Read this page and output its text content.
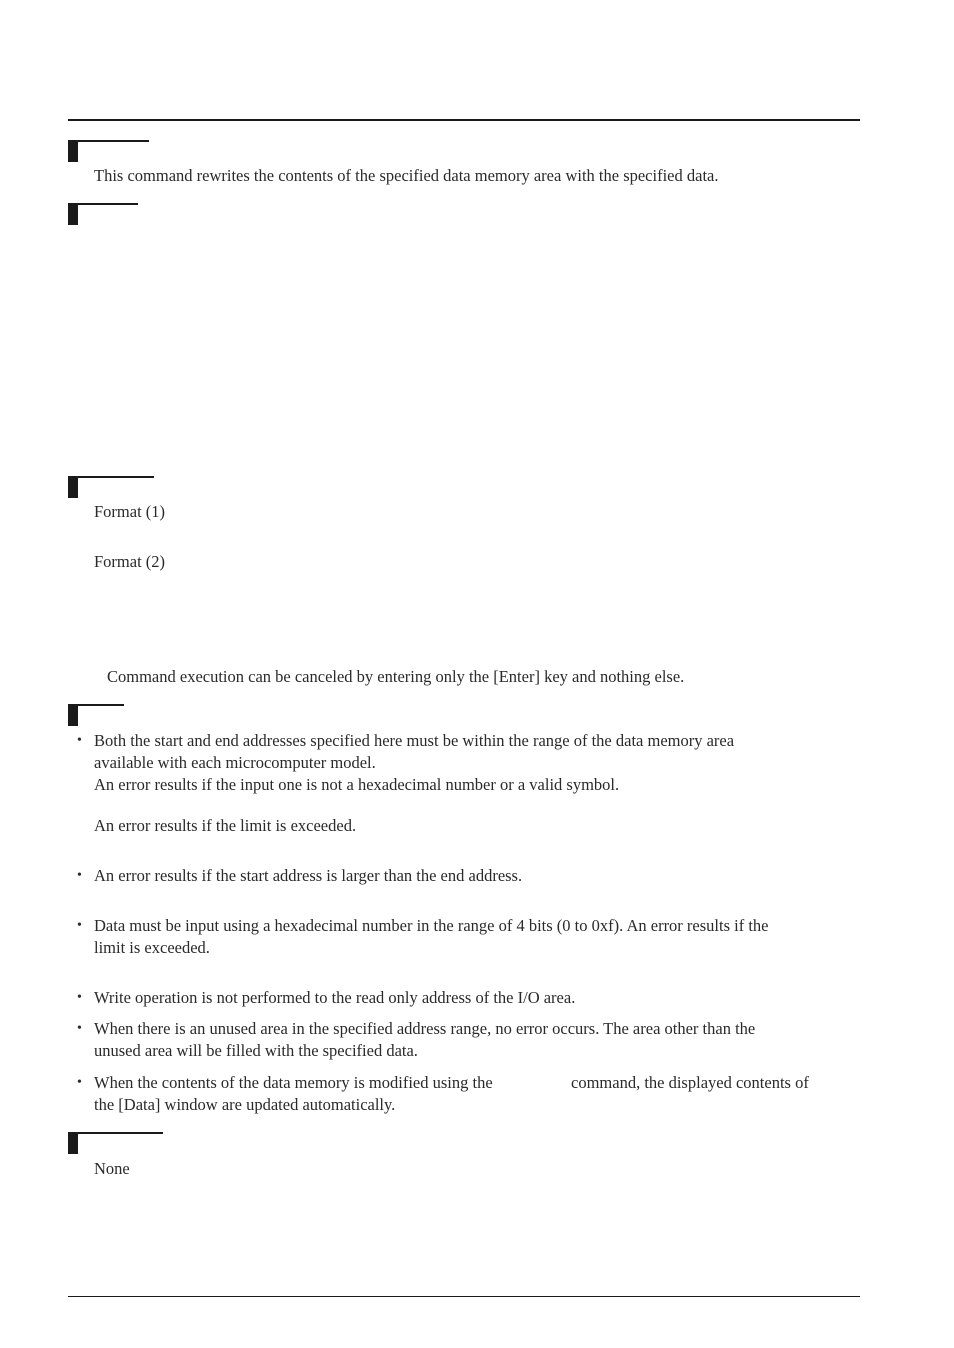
This command rewrites the contents of the specified data memory area with the specified data.
Format (1)
Format (2)
Command execution can be canceled by entering only the [Enter] key and nothing else.
• Both the start and end addresses specified here must be within the range of the data memory area
available with each microcomputer model.
An error results if the input one is not a hexadecimal number or a valid symbol.
An error results if the limit is exceeded.
• An error results if the start address is larger than the end address.
• Data must be input using a hexadecimal number in the range of 4 bits (0 to 0xf). An error results if the
limit is exceeded.
• Write operation is not performed to the read only address of the I/O area.
• When there is an unused area in the specified address range, no error occurs. The area other than the
unused area will be filled with the specified data.
• When the contents of the data memory is modified using the	command, the displayed contents of
the [Data] window are updated automatically.
None
